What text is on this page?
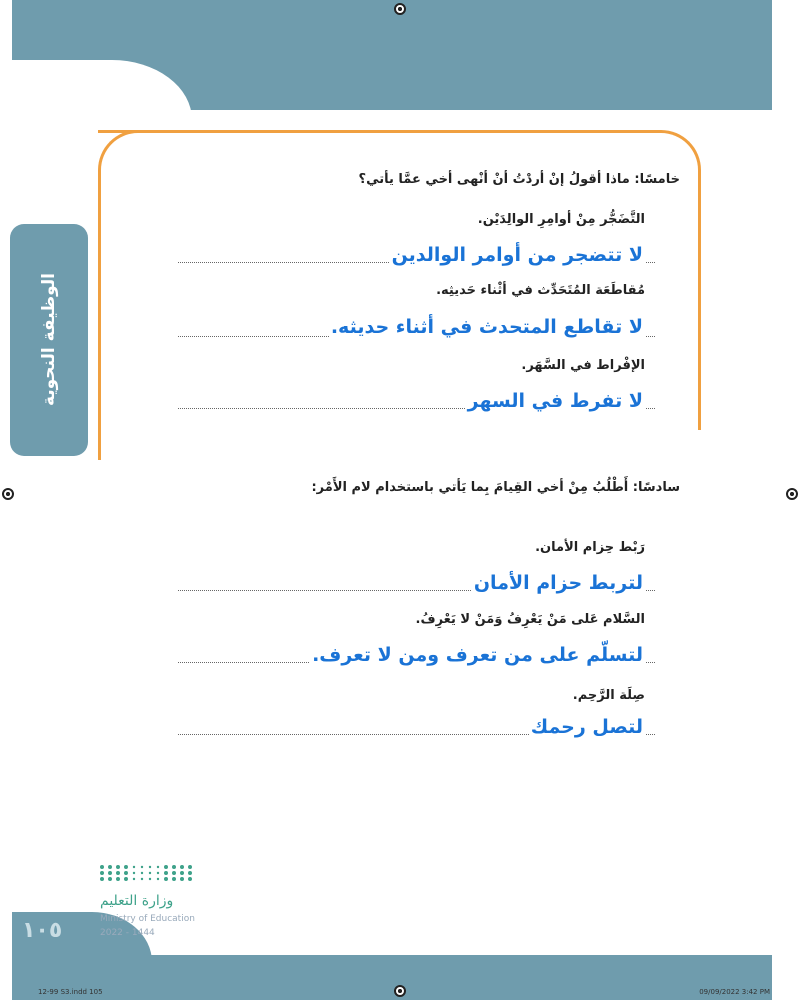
الوظيفة النحوية
خامسًا: ماذا أقولُ إنْ أردْتُ أنْ أنْهى أخي عمَّا يأتي؟
التَّضَجُّر مِنْ أوامِرِ الوالِدَيْن.
لا تتضجر من أوامر الوالدين
مُقاطَعَة المُتَحَدِّث في أثْناء حَديثِه.
لا تقاطع المتحدث في أثناء حديثه.
الإفْراط في السَّهَر.
لا تفرط في السهر
سادسًا: أَطْلُبُ مِنْ أخي القِيامَ بِما يَأتي باستخدام لام الأَمْر:
رَبْط حِزام الأمان.
لتربط حزام الأمان
السَّلام عَلى مَنْ يَعْرِفُ وَمَنْ لا يَعْرِفُ.
لتسلّم على من تعرف ومن لا تعرف.
صِلَة الرَّحِم.
لتصل رحمك
وزارة التعليم
Ministry of Education
2022 - 1444
١٠٥
12-99 S3.indd 105	09/09/2022 3:42 PM
